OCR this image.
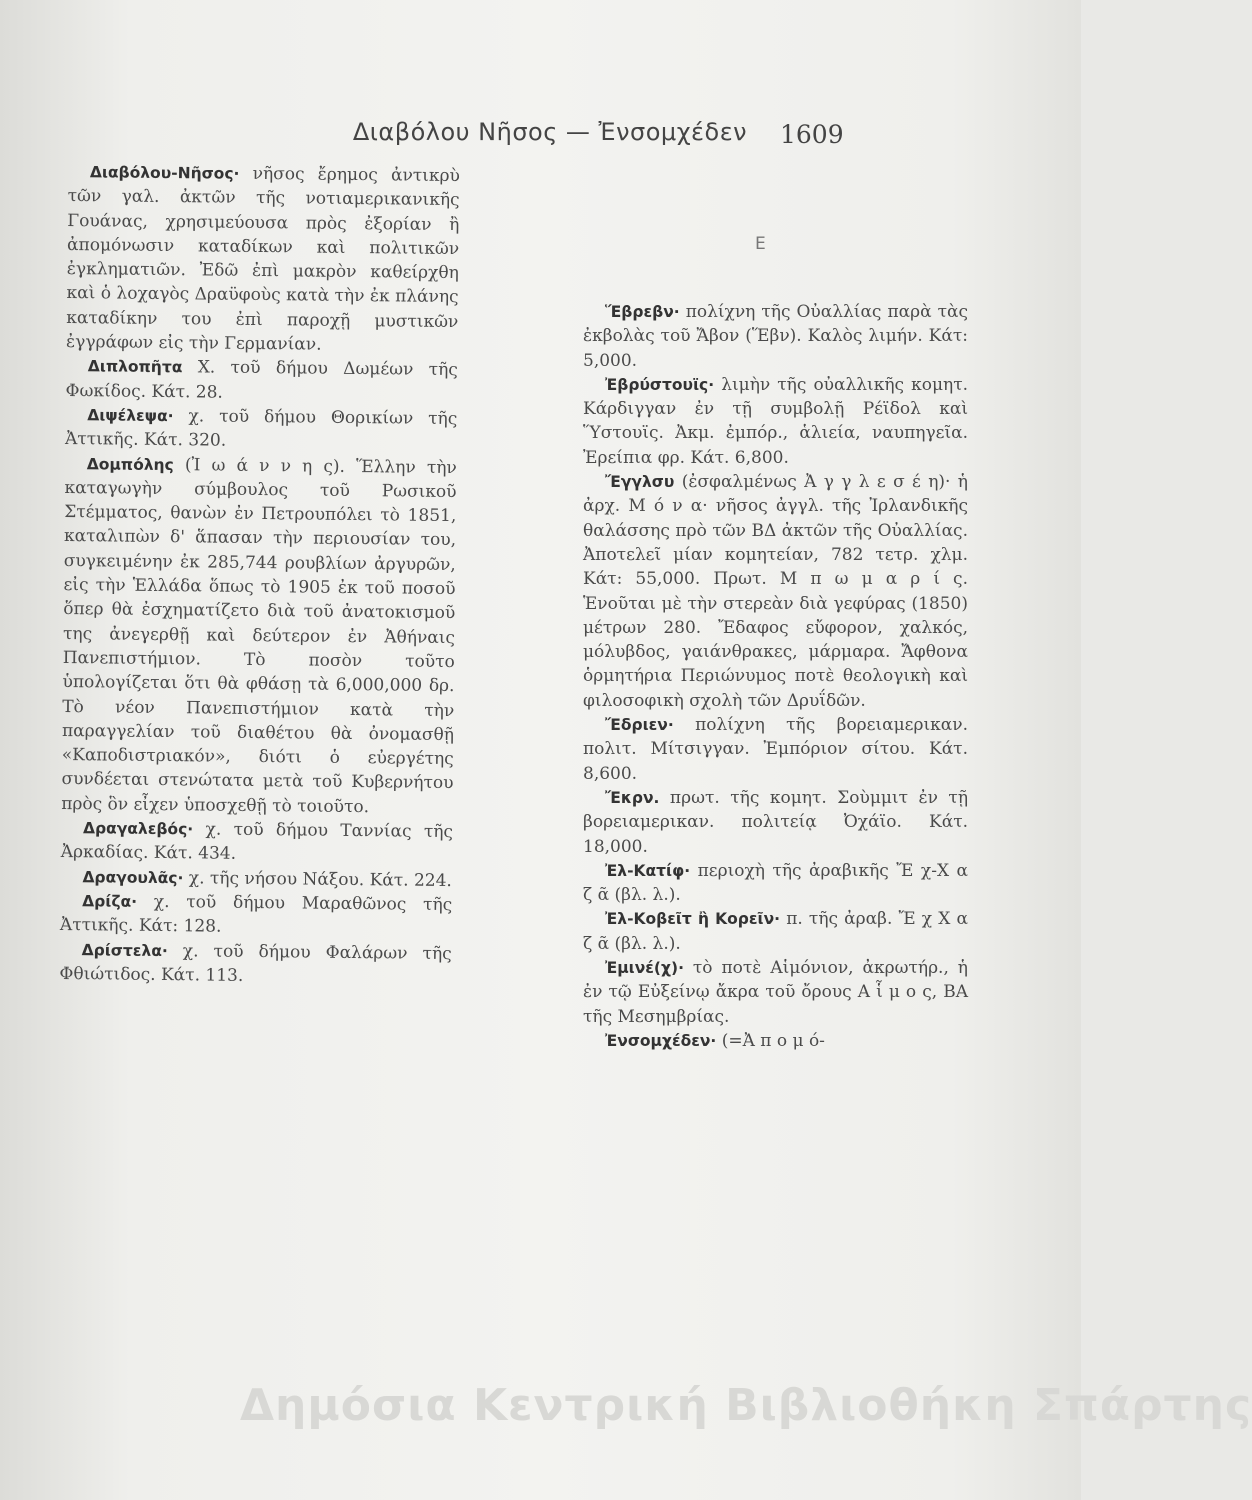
Διαβόλου Νῆσος — Ἐνσομχέδεν	1609

Διαβόλου-Νῆσος· νῆσος ἔρημος ἀντικρὺ τῶν γαλ. ἀκτῶν τῆς νοτιαμερικανικῆς Γουάνας, χρησιμεύουσα πρὸς ἐξορίαν ἢ ἀπομόνωσιν καταδίκων καὶ πολιτικῶν ἐγκληματιῶν. Ἐδῶ ἐπὶ μακρὸν καθείρχθη καὶ ὁ λοχαγὸς Δραϋφοὺς κατὰ τὴν ἐκ πλάνης καταδίκην του ἐπὶ παροχῇ μυστικῶν ἐγγράφων εἰς τὴν Γερμανίαν.

Διπλοπῆτα Χ. τοῦ δήμου Δωμέων τῆς Φωκίδος. Κάτ. 28.

Διψέλεψα· χ. τοῦ δήμου Θορικίων τῆς Ἀττικῆς. Κάτ. 320.

Δομπόλης (Ἰ ω ά ν ν η ς). Ἕλλην τὴν καταγωγὴν σύμβουλος τοῦ Ρωσικοῦ Στέμματος, θανὼν ἐν Πετρουπόλει τὸ 1851, καταλιπὼν δ' ἅπασαν τὴν περιουσίαν του, συγκειμένην ἐκ 285,744 ρουβλίων ἀργυρῶν, εἰς τὴν Ἑλλάδα ὅπως τὸ 1905 ἐκ τοῦ ποσοῦ ὅπερ θὰ ἐσχηματίζετο διὰ τοῦ ἀνατοκισμοῦ της ἀνεγερθῇ καὶ δεύτερον ἐν Ἀθήναις Πανεπιστήμιον. Τὸ ποσὸν τοῦτο ὑπολογίζεται ὅτι θὰ φθάσῃ τὰ 6,000,000 δρ. Τὸ νέον Πανεπιστήμιον κατὰ τὴν παραγγελίαν τοῦ διαθέτου θὰ ὀνομασθῇ «Καποδιστριακόν», διότι ὁ εὐεργέτης συνδέεται στενώτατα μετὰ τοῦ Κυβερνήτου πρὸς ὃν εἶχεν ὑποσχεθῇ τὸ τοιοῦτο.

Δραγαλεβός· χ. τοῦ δήμου Ταννίας τῆς Ἀρκαδίας. Κάτ. 434.

Δραγουλᾶς· χ. τῆς νήσου Νάξου. Κάτ. 224.

Δρίζα· χ. τοῦ δήμου Μαραθῶνος τῆς Ἀττικῆς. Κάτ: 128.

Δρίστελα· χ. τοῦ δήμου Φαλάρων τῆς Φθιώτιδος. Κάτ. 113.

Ε

Ἕβρεβν· πολίχνη τῆς Οὐαλλίας παρὰ τὰς ἐκβολὰς τοῦ Ἄβον (Ἕβν). Καλὸς λιμήν. Κάτ: 5,000.

Ἐβρύστουϊς· λιμὴν τῆς οὐαλλικῆς κομητ. Κάρδιγγαν ἐν τῇ συμβολῇ Ρέϊδολ καὶ Ὕστουϊς. Ἀκμ. ἐμπόρ., ἁλιεία, ναυπηγεῖα. Ἐρείπια φρ. Κάτ. 6,800.

Ἔγγλσυ (ἐσφαλμένως Ἀ γ γ λ ε σ έ η)· ἡ ἀρχ. Μ ό ν α· νῆσος ἀγγλ. τῆς Ἰρλανδικῆς θαλάσσης πρὸ τῶν ΒΔ ἀκτῶν τῆς Οὐαλλίας. Ἀποτελεῖ μίαν κομητείαν, 782 τετρ. χλμ. Κάτ: 55,000. Πρωτ. Μ π ω μ α ρ ί ς. Ἑνοῦται μὲ τὴν στερεὰν διὰ γεφύρας (1850) μέτρων 280. Ἔδαφος εὔφορον, χαλκός, μόλυβδος, γαιάνθρακες, μάρμαρα. Ἄφθονα ὁρμητήρια Περιώνυμος ποτὲ θεολογικὴ καὶ φιλοσοφικὴ σχολὴ τῶν Δρυΐδῶν.

Ἔδριεν· πολίχνη τῆς βορειαμερικαν. πολιτ. Μίτσιγγαν. Ἐμπόριον σίτου. Κάτ. 8,600.

Ἔκρν. πρωτ. τῆς κομητ. Σοὺμμιτ ἐν τῇ βορειαμερικαν. πολιτείᾳ Ὀχάϊο. Κάτ. 18,000.

Ἐλ-Κατίφ· περιοχὴ τῆς ἀραβικῆς Ἔ χ-Χ α ζ ᾶ (βλ. λ.).

Ἐλ-Κοβεῖτ ἢ Κορεῖν· π. τῆς ἀραβ. Ἔ χ Χ α ζ ᾶ (βλ. λ.).

Ἐμινέ(χ)· τὸ ποτὲ Αἱμόνιον, ἀκρωτήρ., ἡ ἐν τῷ Εὐξείνῳ ἄκρα τοῦ ὄρους Α ἷ μ ο ς, ΒΑ τῆς Μεσημβρίας.

Ἐνσομχέδεν· (=Ἀ π ο μ ό-

Δημόσια Κεντρική Βιβλιοθήκη Σπάρτης
